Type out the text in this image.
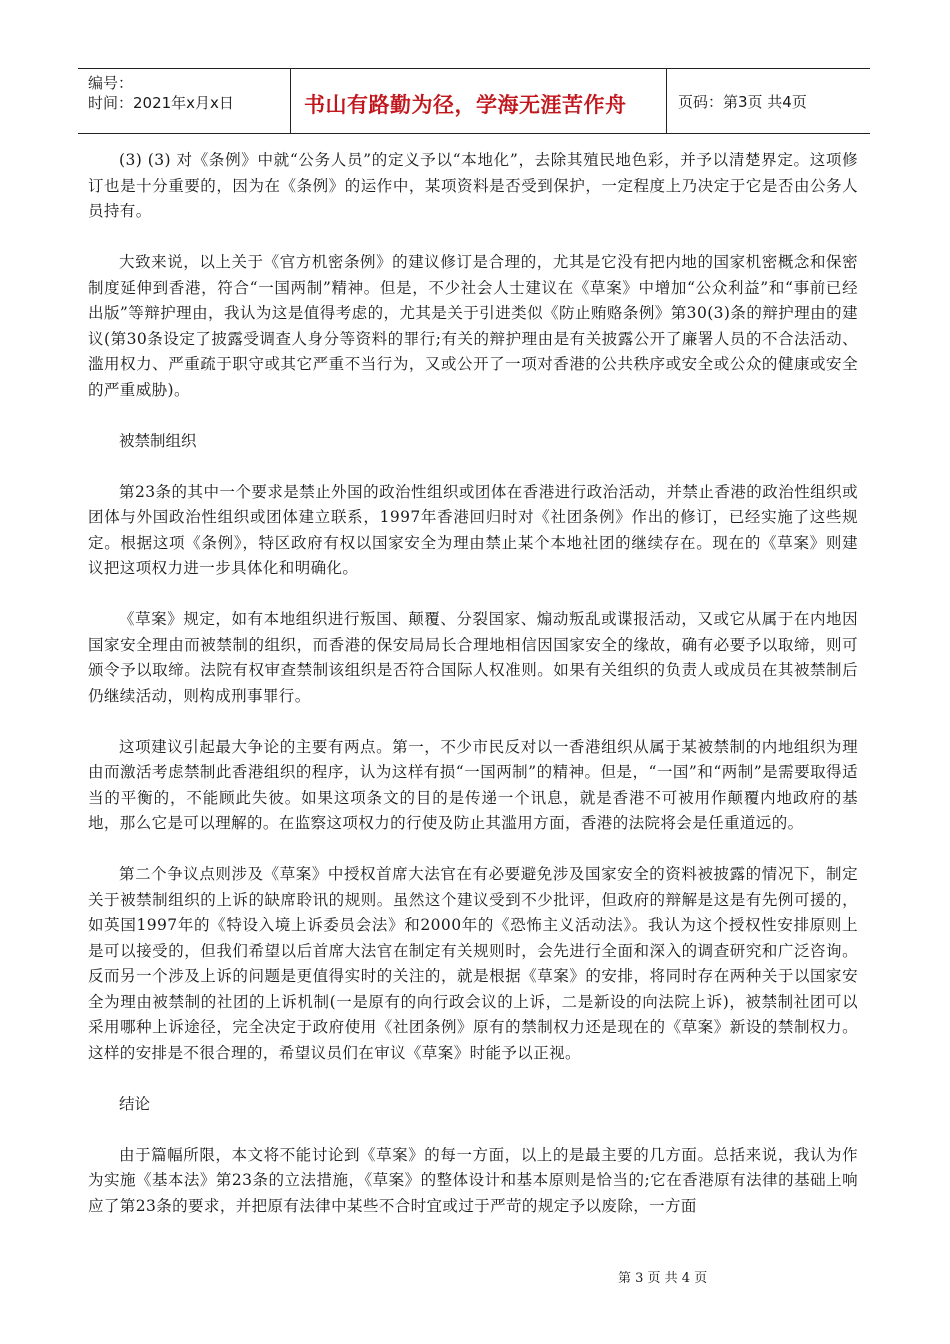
编号：
时间：2021年x月x日	书山有路勤为径，学海无涯苦作舟	页码：第3页 共4页

(3) (3) 对《条例》中就“公务人员”的定义予以“本地化”，去除其殖民地色彩，并予以清楚界定。这项修订也是十分重要的，因为在《条例》的运作中，某项资料是否受到保护，一定程度上乃决定于它是否由公务人员持有。

大致来说，以上关于《官方机密条例》的建议修订是合理的，尤其是它没有把内地的国家机密概念和保密制度延伸到香港，符合“一国两制”精神。但是，不少社会人士建议在《草案》中增加“公众利益”和“事前已经出版”等辩护理由，我认为这是值得考虑的，尤其是关于引进类似《防止贿赂条例》第30(3)条的辩护理由的建议(第30条设定了披露受调查人身分等资料的罪行;有关的辩护理由是有关披露公开了廉署人员的不合法活动、滥用权力、严重疏于职守或其它严重不当行为，又或公开了一项对香港的公共秩序或安全或公众的健康或安全的严重威胁)。

被禁制组织

第23条的其中一个要求是禁止外国的政治性组织或团体在香港进行政治活动，并禁止香港的政治性组织或团体与外国政治性组织或团体建立联系，1997年香港回归时对《社团条例》作出的修订，已经实施了这些规定。根据这项《条例》，特区政府有权以国家安全为理由禁止某个本地社团的继续存在。现在的《草案》则建议把这项权力进一步具体化和明确化。

《草案》规定，如有本地组织进行叛国、颠覆、分裂国家、煽动叛乱或谍报活动，又或它从属于在内地因国家安全理由而被禁制的组织，而香港的保安局局长合理地相信因国家安全的缘故，确有必要予以取缔，则可颁令予以取缔。法院有权审查禁制该组织是否符合国际人权准则。如果有关组织的负责人或成员在其被禁制后仍继续活动，则构成刑事罪行。

这项建议引起最大争论的主要有两点。第一，不少市民反对以一香港组织从属于某被禁制的内地组织为理由而激活考虑禁制此香港组织的程序，认为这样有损“一国两制”的精神。但是，“一国”和“两制”是需要取得适当的平衡的，不能顾此失彼。如果这项条文的目的是传递一个讯息，就是香港不可被用作颠覆内地政府的基地，那么它是可以理解的。在监察这项权力的行使及防止其滥用方面，香港的法院将会是任重道远的。

第二个争议点则涉及《草案》中授权首席大法官在有必要避免涉及国家安全的资料被披露的情况下，制定关于被禁制组织的上诉的缺席聆讯的规则。虽然这个建议受到不少批评，但政府的辩解是这是有先例可援的，如英国1997年的《特设入境上诉委员会法》和2000年的《恐怖主义活动法》。我认为这个授权性安排原则上是可以接受的，但我们希望以后首席大法官在制定有关规则时，会先进行全面和深入的调查研究和广泛咨询。反而另一个涉及上诉的问题是更值得实时的关注的，就是根据《草案》的安排，将同时存在两种关于以国家安全为理由被禁制的社团的上诉机制(一是原有的向行政会议的上诉，二是新设的向法院上诉)，被禁制社团可以采用哪种上诉途径，完全决定于政府使用《社团条例》原有的禁制权力还是现在的《草案》新设的禁制权力。这样的安排是不很合理的，希望议员们在审议《草案》时能予以正视。

结论

由于篇幅所限，本文将不能讨论到《草案》的每一方面，以上的是最主要的几方面。总括来说，我认为作为实施《基本法》第23条的立法措施，《草案》的整体设计和基本原则是恰当的;它在香港原有法律的基础上响应了第23条的要求，并把原有法律中某些不合时宜或过于严苛的规定予以废除，一方面

第 3 页 共 4 页
